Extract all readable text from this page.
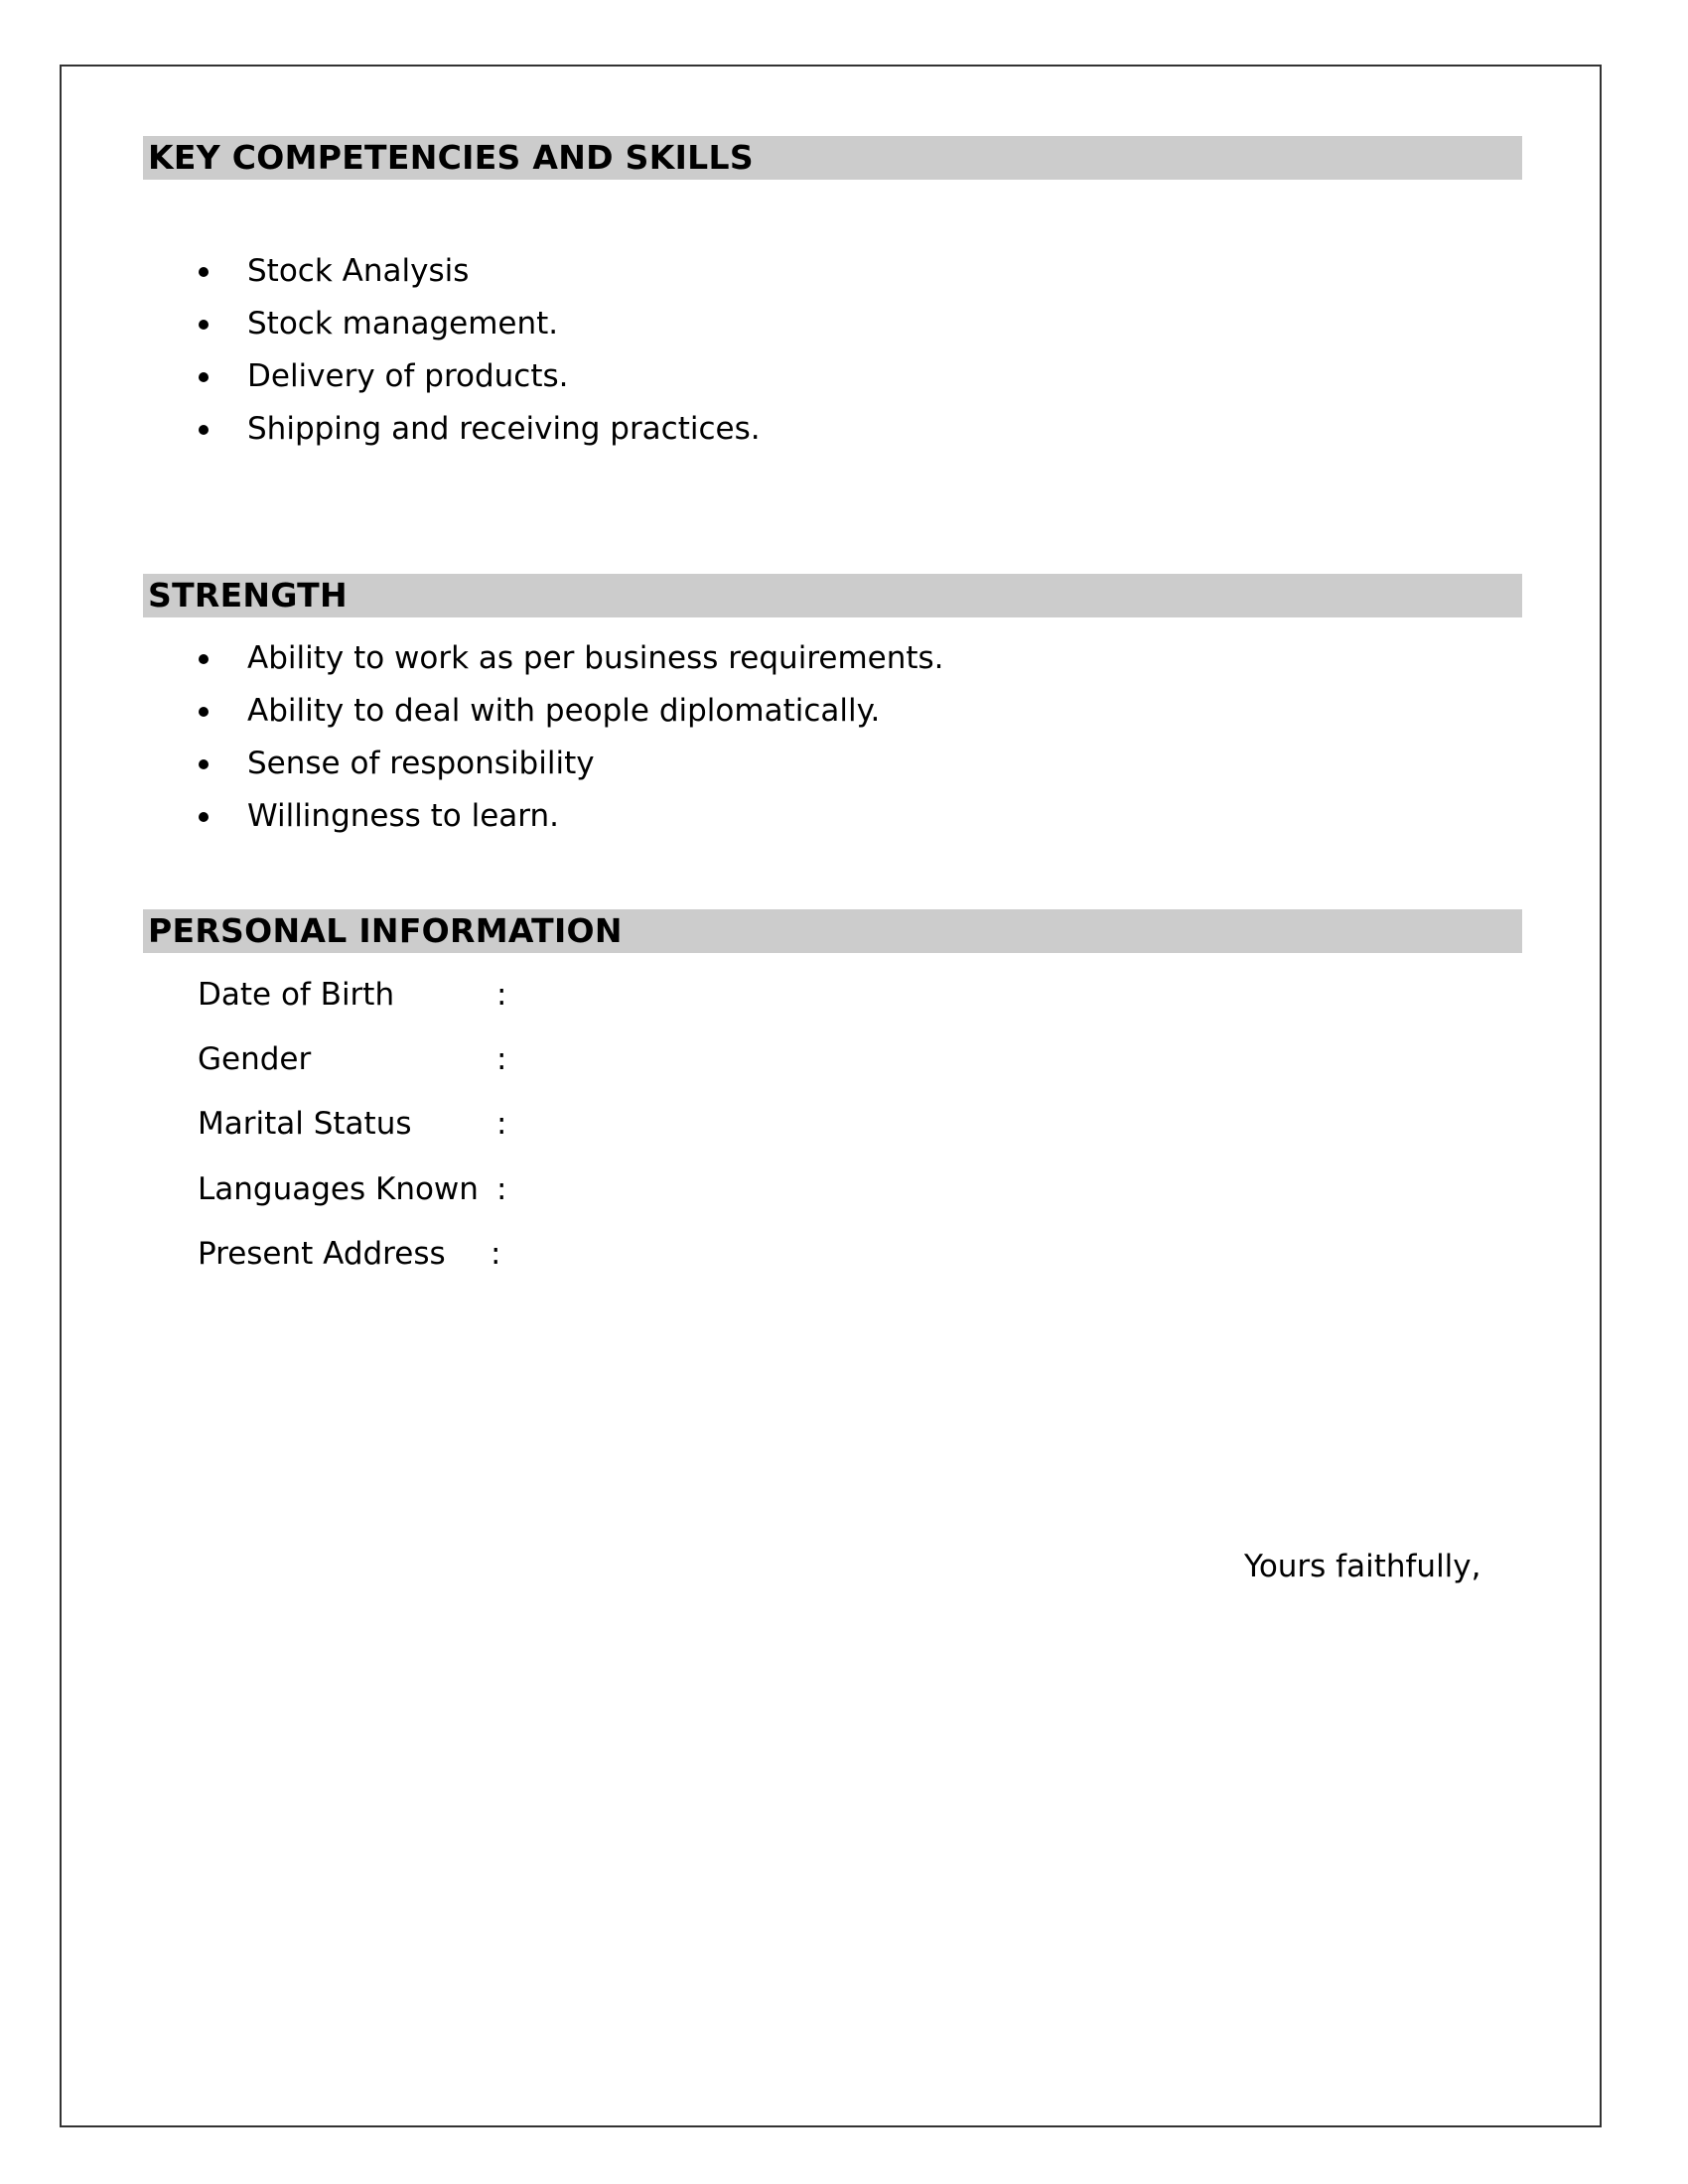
KEY COMPETENCIES AND SKILLS
Stock Analysis
Stock management.
Delivery of products.
Shipping and receiving practices.
STRENGTH
Ability to work as per business requirements.
Ability to deal with people diplomatically.
Sense of responsibility
Willingness to learn.
PERSONAL INFORMATION
Date of Birth	:
Gender	:
Marital Status	:
Languages Known :
Present Address :
Yours faithfully,
